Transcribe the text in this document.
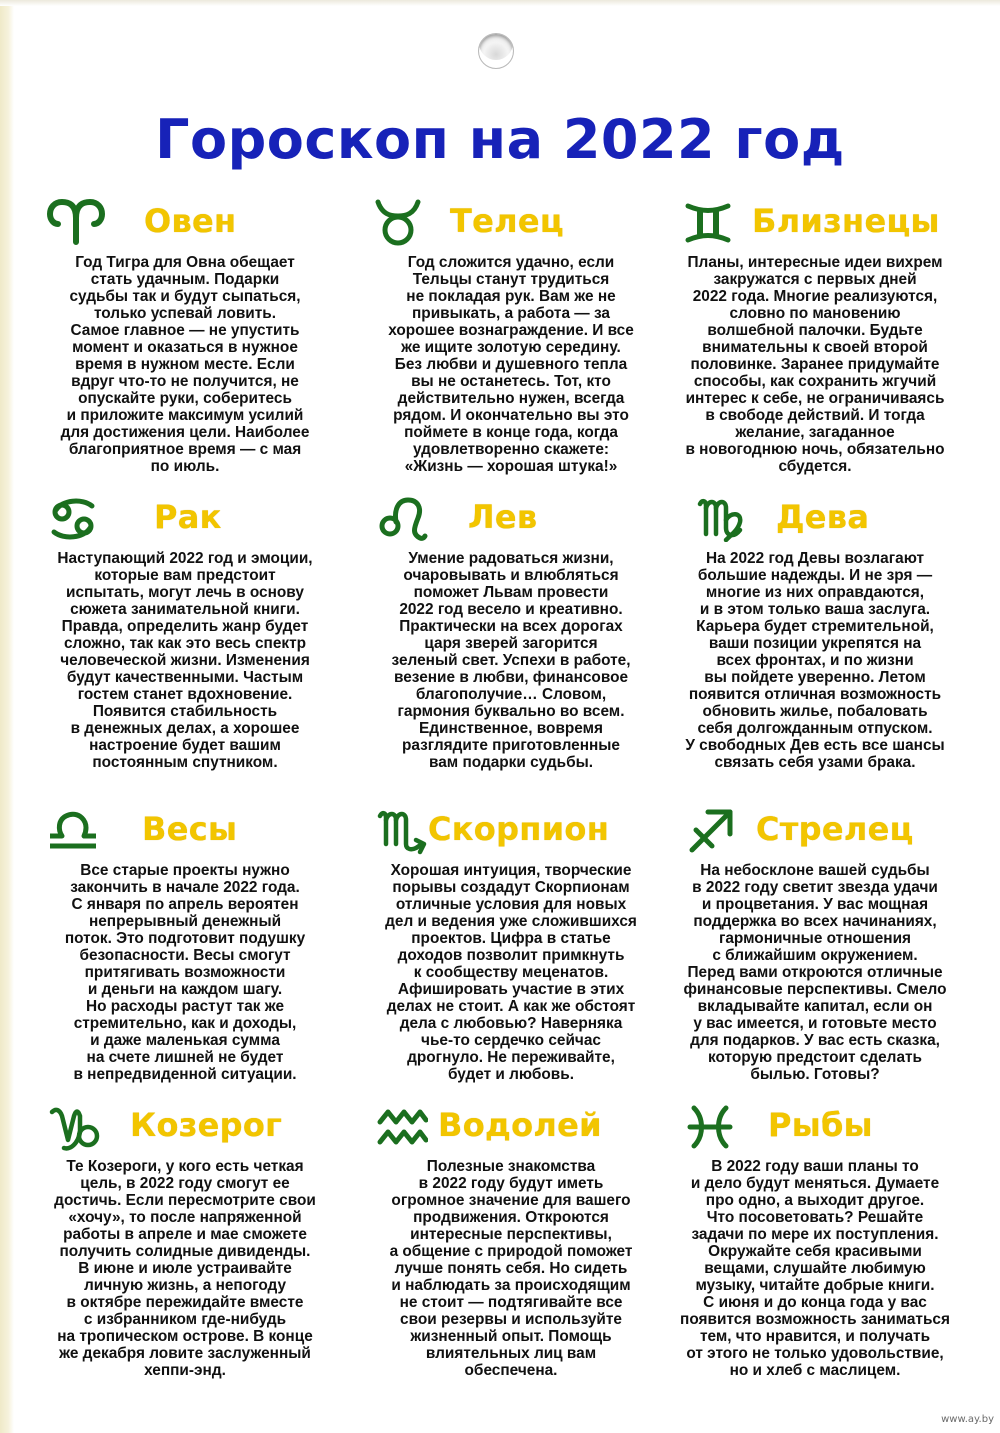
Гороскоп на 2022 год
Овен

Год Тигра для Овна обещает
стать удачным. Подарки
судьбы так и будут сыпаться,
только успевай ловить.
Самое главное — не упустить
момент и оказаться в нужное
время в нужном месте. Если
вдруг что-то не получится, не
опускайте руки, соберитесь
и приложите максимум усилий
для достижения цели. Наиболее
благоприятное время — с мая
по июль.

Телец

Год сложится удачно, если
Тельцы станут трудиться
не покладая рук. Вам же не
привыкать, а работа — за
хорошее вознаграждение. И все
же ищите золотую середину.
Без любви и душевного тепла
вы не останетесь. Тот, кто
действительно нужен, всегда
рядом. И окончательно вы это
поймете в конце года, когда
удовлетворенно скажете:
«Жизнь — хорошая штука!»

Близнецы

Планы, интересные идеи вихрем
закружатся с первых дней
2022 года. Многие реализуются,
словно по мановению
волшебной палочки. Будьте
внимательны к своей второй
половинке. Заранее придумайте
способы, как сохранить жгучий
интерес к себе, не ограничиваясь
в свободе действий. И тогда
желание, загаданное
в новогоднюю ночь, обязательно
сбудется.

Рак

Наступающий 2022 год и эмоции,
которые вам предстоит
испытать, могут лечь в основу
сюжета занимательной книги.
Правда, определить жанр будет
сложно, так как это весь спектр
человеческой жизни. Изменения
будут качественными. Частым
гостем станет вдохновение.
Появится стабильность
в денежных делах, а хорошее
настроение будет вашим
постоянным спутником.

Лев

Умение радоваться жизни,
очаровывать и влюбляться
поможет Львам провести
2022 год весело и креативно.
Практически на всех дорогах
царя зверей загорится
зеленый свет. Успехи в работе,
везение в любви, финансовое
благополучие… Словом,
гармония буквально во всем.
Единственное, вовремя
разглядите приготовленные
вам подарки судьбы.

Дева

На 2022 год Девы возлагают
большие надежды. И не зря —
многие из них оправдаются,
и в этом только ваша заслуга.
Карьера будет стремительной,
ваши позиции укрепятся на
всех фронтах, и по жизни
вы пойдете уверенно. Летом
появится отличная возможность
обновить жилье, побаловать
себя долгожданным отпуском.
У свободных Дев есть все шансы
связать себя узами брака.

Весы

Все старые проекты нужно
закончить в начале 2022 года.
С января по апрель вероятен
непрерывный денежный
поток. Это подготовит подушку
безопасности. Весы смогут
притягивать возможности
и деньги на каждом шагу.
Но расходы растут так же
стремительно, как и доходы,
и даже маленькая сумма
на счете лишней не будет
в непредвиденной ситуации.

Скорпион

Хорошая интуиция, творческие
порывы создадут Скорпионам
отличные условия для новых
дел и ведения уже сложившихся
проектов. Цифра в статье
доходов позволит примкнуть
к сообществу меценатов.
Афишировать участие в этих
делах не стоит. А как же обстоят
дела с любовью? Наверняка
чье-то сердечко сейчас
дрогнуло. Не переживайте,
будет и любовь.

Стрелец

На небосклоне вашей судьбы
в 2022 году светит звезда удачи
и процветания. У вас мощная
поддержка во всех начинаниях,
гармоничные отношения
с ближайшим окружением.
Перед вами откроются отличные
финансовые перспективы. Смело
вкладывайте капитал, если он
у вас имеется, и готовьте место
для подарков. У вас есть сказка,
которую предстоит сделать
былью. Готовы?

Козерог

Те Козероги, у кого есть четкая
цель, в 2022 году смогут ее
достичь. Если пересмотрите свои
«хочу», то после напряженной
работы в апреле и мае сможете
получить солидные дивиденды.
В июне и июле устраивайте
личную жизнь, а непогоду
в октябре пережидайте вместе
с избранником где-нибудь
на тропическом острове. В конце
же декабря ловите заслуженный
хеппи-энд.

Водолей

Полезные знакомства
в 2022 году будут иметь
огромное значение для вашего
продвижения. Откроются
интересные перспективы,
а общение с природой поможет
лучше понять себя. Но сидеть
и наблюдать за происходящим
не стоит — подтягивайте все
свои резервы и используйте
жизненный опыт. Помощь
влиятельных лиц вам
обеспечена.

Рыбы

В 2022 году ваши планы то
и дело будут меняться. Думаете
про одно, а выходит другое.
Что посоветовать? Решайте
задачи по мере их поступления.
Окружайте себя красивыми
вещами, слушайте любимую
музыку, читайте добрые книги.
С июня и до конца года у вас
появится возможность заниматься
тем, что нравится, и получать
от этого не только удовольствие,
но и хлеб с маслицем.

www.ay.by
